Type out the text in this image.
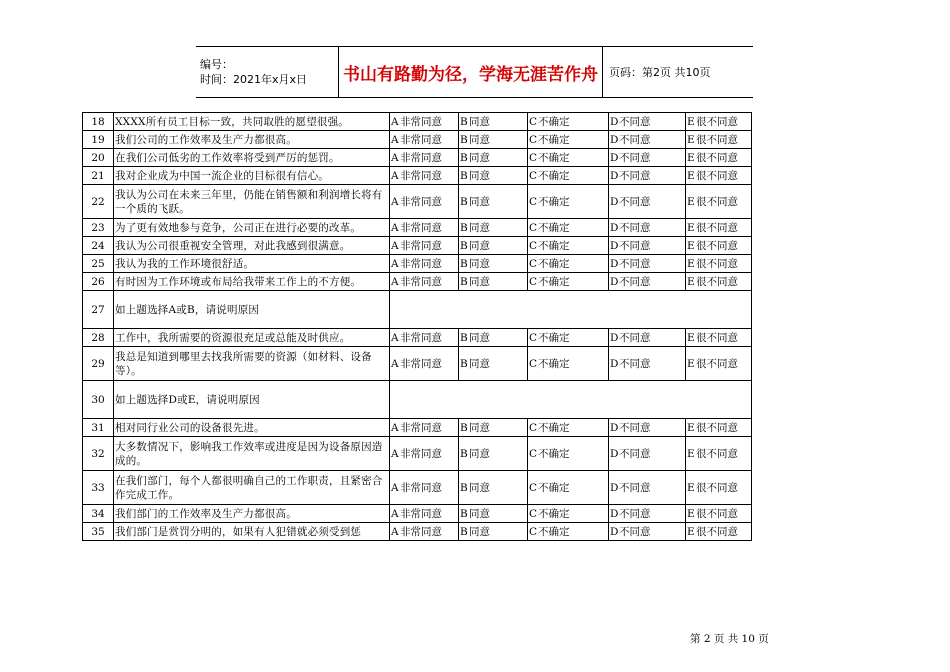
编号：
时间：2021年x月x日	书山有路勤为径，学海无涯苦作舟	页码：第2页 共10页
18	XXXX所有员工目标一致，共同取胜的愿望很强。	A非常同意	B同意	C不确定	D不同意	E很不同意
19	我们公司的工作效率及生产力都很高。	A非常同意	B同意	C不确定	D不同意	E很不同意
20	在我们公司低劣的工作效率将受到严厉的惩罚。	A非常同意	B同意	C不确定	D不同意	E很不同意
21	我对企业成为中国一流企业的目标很有信心。	A非常同意	B同意	C不确定	D不同意	E很不同意
22	我认为公司在未来三年里，仍能在销售额和利润增长将有一个质的飞跃。	A非常同意	B同意	C不确定	D不同意	E很不同意
23	为了更有效地参与竞争，公司正在进行必要的改革。	A非常同意	B同意	C不确定	D不同意	E很不同意
24	我认为公司很重视安全管理，对此我感到很满意。	A非常同意	B同意	C不确定	D不同意	E很不同意
25	我认为我的工作环境很舒适。	A非常同意	B同意	C不确定	D不同意	E很不同意
26	有时因为工作环境或布局给我带来工作上的不方便。	A非常同意	B同意	C不确定	D不同意	E很不同意
27	如上题选择A或B，请说明原因					
28	工作中，我所需要的资源很充足或总能及时供应。	A非常同意	B同意	C不确定	D不同意	E很不同意
29	我总是知道到哪里去找我所需要的资源（如材料、设备等）。	A非常同意	B同意	C不确定	D不同意	E很不同意
30	如上题选择D或E，请说明原因					
31	相对同行业公司的设备很先进。	A非常同意	B同意	C不确定	D不同意	E很不同意
32	大多数情况下，影响我工作效率或进度是因为设备原因造成的。	A非常同意	B同意	C不确定	D不同意	E很不同意
33	在我们部门，每个人都很明确自己的工作职责，且紧密合作完成工作。	A非常同意	B同意	C不确定	D不同意	E很不同意
34	我们部门的工作效率及生产力都很高。	A非常同意	B同意	C不确定	D不同意	E很不同意
35	我们部门是赏罚分明的，如果有人犯错就必须受到惩	A非常同意	B同意	C不确定	D不同意	E很不同意
第 2 页 共 10 页
